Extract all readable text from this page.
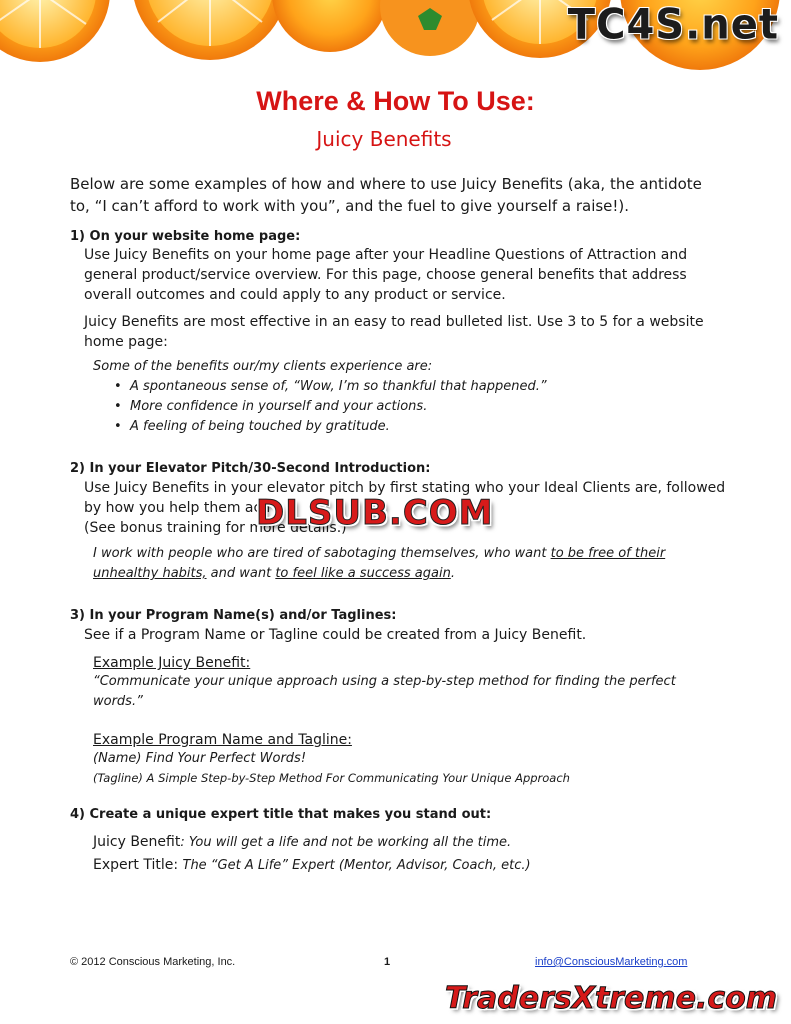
TC4S.net
Where & How To Use:
Juicy Benefits
Below are some examples of how and where to use Juicy Benefits (aka, the antidote
to, “I can’t afford to work with you”, and the fuel to give yourself a raise!).
1) On your website home page:
Use Juicy Benefits on your home page after your Headline Questions of Attraction and
general product/service overview. For this page, choose general benefits that address
overall outcomes and could apply to any product or service.
Juicy Benefits are most effective in an easy to read bulleted list. Use 3 to 5 for a website
home page:
Some of the benefits our/my clients experience are:
• A spontaneous sense of, “Wow, I’m so thankful that happened.”
• More confidence in yourself and your actions.
• A feeling of being touched by gratitude.
2) In your Elevator Pitch/30-Second Introduction:
Use Juicy Benefits in your elevator pitch by first stating who your Ideal Clients are, followed
by how you help them ach
(See bonus training for more details.)
I work with people who are tired of sabotaging themselves, who want to be free of their
unhealthy habits, and want to feel like a success again.
3) In your Program Name(s) and/or Taglines:
See if a Program Name or Tagline could be created from a Juicy Benefit.
Example Juicy Benefit:
“Communicate your unique approach using a step-by-step method for finding the perfect
words.”
Example Program Name and Tagline:
(Name) Find Your Perfect Words!
(Tagline) A Simple Step-by-Step Method For Communicating Your Unique Approach
4) Create a unique expert title that makes you stand out:
Juicy Benefit: You will get a life and not be working all the time.
Expert Title: The “Get A Life” Expert (Mentor, Advisor, Coach, etc.)
DLSUB.COM
© 2012 Conscious Marketing, Inc.	1	info@ConsciousMarketing.com
TradersXtreme.com
